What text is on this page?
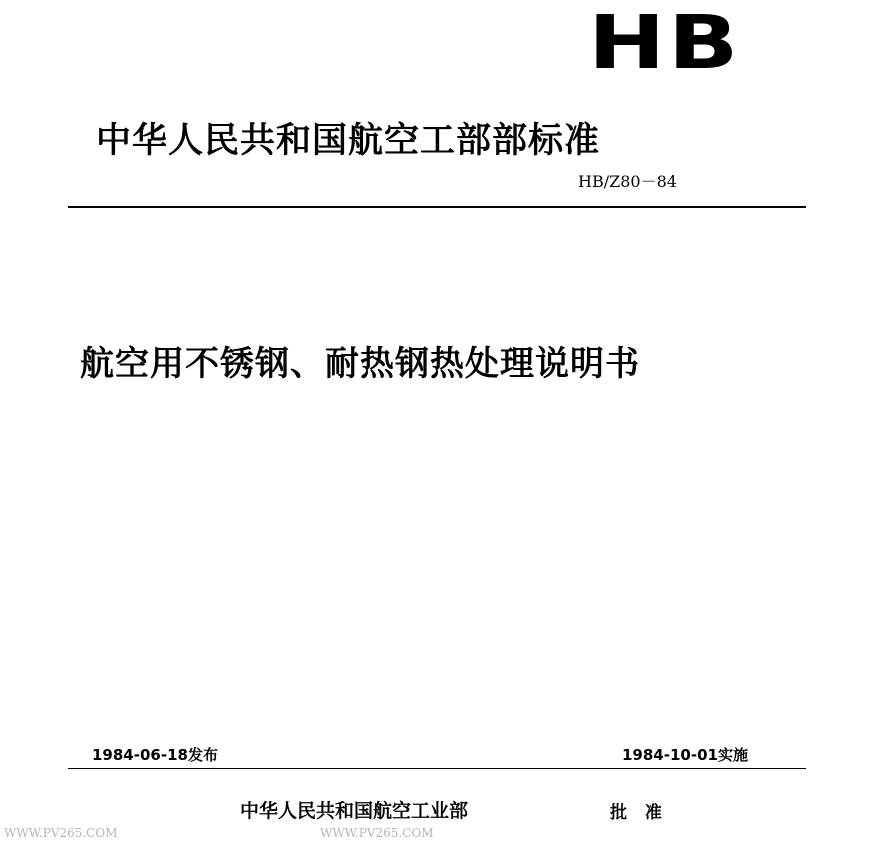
HB
中华人民共和国航空工部部标准
HB/Z80－84
航空用不锈钢、耐热钢热处理说明书
1984-06-18发布	1984-10-01实施
中华人民共和国航空工业部	批 准
WWW.PV265.COM	WWW.PV265.COM
